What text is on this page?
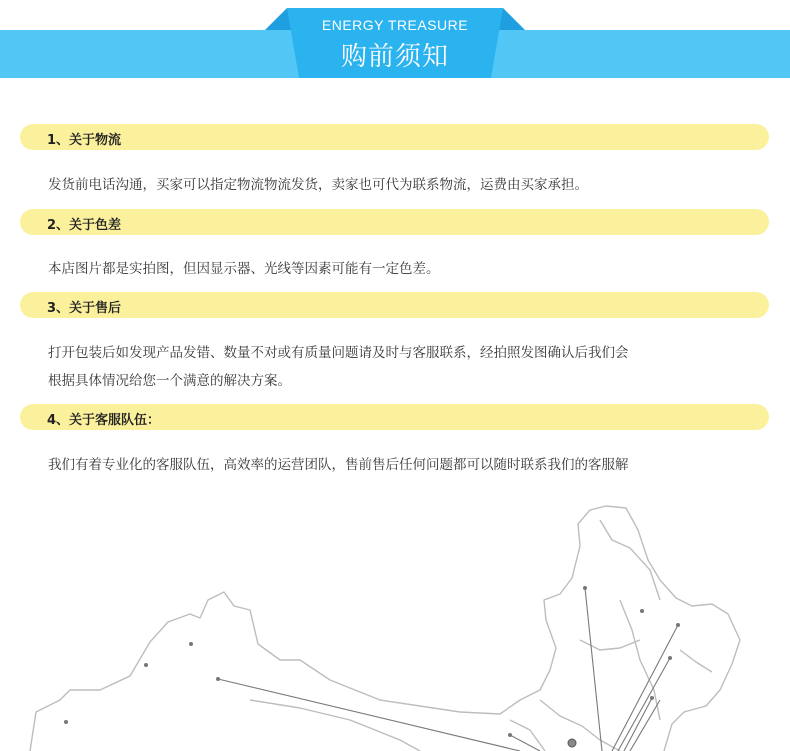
ENERGY TREASURE
购前须知
1、关于物流

发货前电话沟通，买家可以指定物流物流发货，卖家也可代为联系物流，运费由买家承担。

2、关于色差

本店图片都是实拍图，但因显示器、光线等因素可能有一定色差。

3、关于售后

打开包装后如发现产品发错、数量不对或有质量问题请及时与客服联系，经拍照发图确认后我们会
根据具体情况给您一个满意的解决方案。

4、关于客服队伍：

我们有着专业化的客服队伍，高效率的运营团队，售前售后任何问题都可以随时联系我们的客服解
